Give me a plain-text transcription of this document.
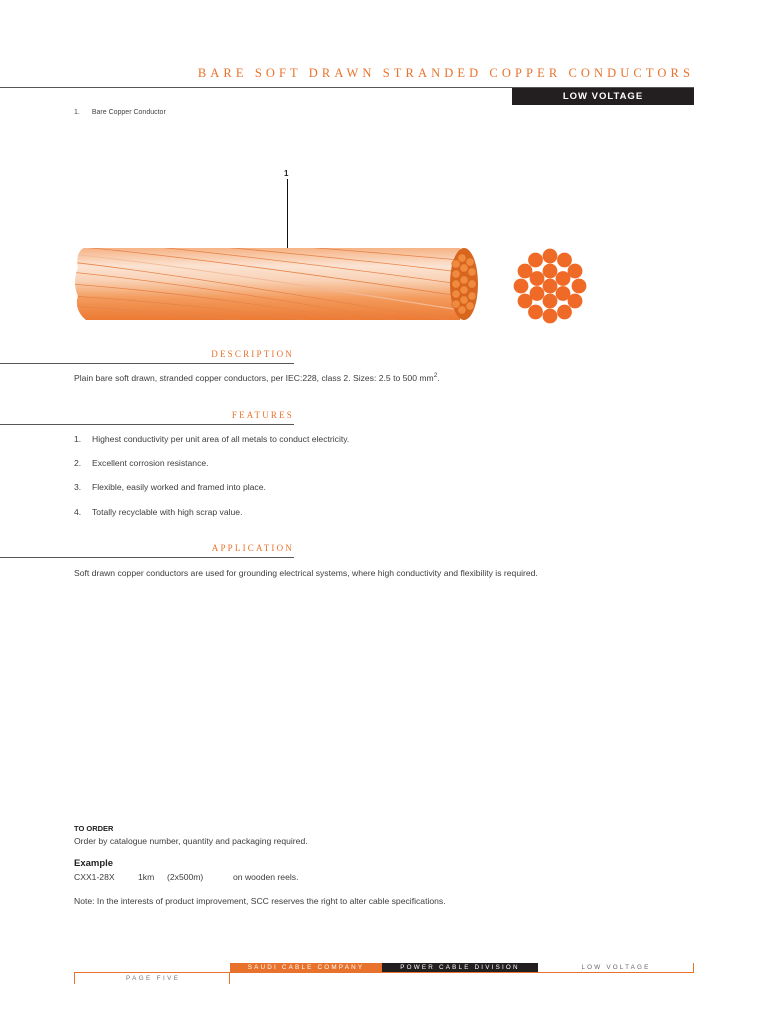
BARE SOFT DRAWN STRANDED COPPER CONDUCTORS
LOW VOLTAGE
1. Bare Copper Conductor
1
DESCRIPTION
Plain bare soft drawn, stranded copper conductors, per IEC:228, class 2. Sizes: 2.5 to 500 $mm^2$.
FEATURES
1. Highest conductivity per unit area of all metals to conduct electricity.
2. Excellent corrosion resistance.
3. Flexible, easily worked and framed into place.
4. Totally recyclable with high scrap value.
APPLICATION
Soft drawn copper conductors are used for grounding electrical systems, where high conductivity and flexibility is required.
TO ORDER
Order by catalogue number, quantity and packaging required.
Example
CXX1-28X	1km (2x500m)	on wooden reels.
Note: In the interests of product improvement, SCC reserves the right to alter cable specifications.
SAUDI CABLE COMPANY	POWER CABLE DIVISION	LOW VOLTAGE
PAGE FIVE
